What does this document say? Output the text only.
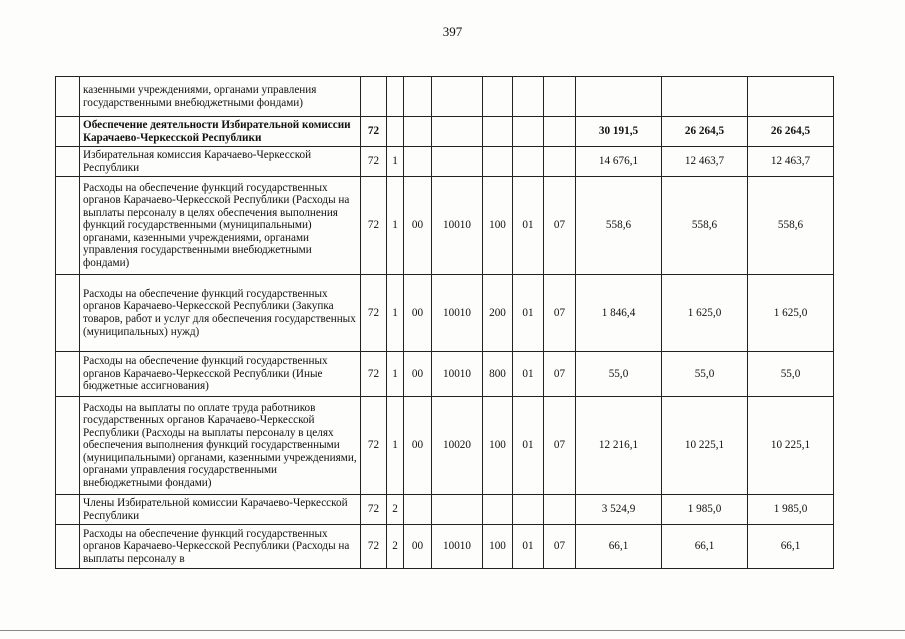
397
	казенными учреждениями, органами управления государственными внебюджетными фондами)										
	Обеспечение деятельности Избирательной комиссии Карачаево-Черкесской Республики	72							30 191,5	26 264,5	26 264,5
	Избирательная комиссия Карачаево-Черкесской Республики	72	1						14 676,1	12 463,7	12 463,7
	Расходы на обеспечение функций государственных органов Карачаево-Черкесской Республики (Расходы на выплаты персоналу в целях обеспечения выполнения функций государственными (муниципальными) органами, казенными учреждениями, органами управления государственными внебюджетными фондами)	72	1	00	10010	100	01	07	558,6	558,6	558,6
	Расходы на обеспечение функций государственных органов Карачаево-Черкесской Республики (Закупка товаров, работ и услуг для обеспечения государственных (муниципальных) нужд)	72	1	00	10010	200	01	07	1 846,4	1 625,0	1 625,0
	Расходы на обеспечение функций государственных органов Карачаево-Черкесской Республики (Иные бюджетные ассигнования)	72	1	00	10010	800	01	07	55,0	55,0	55,0
	Расходы на выплаты по оплате труда работников государственных органов Карачаево-Черкесской Республики (Расходы на выплаты персоналу в целях обеспечения выполнения функций государственными (муниципальными) органами, казенными учреждениями, органами управления государственными внебюджетными фондами)	72	1	00	10020	100	01	07	12 216,1	10 225,1	10 225,1
	Члены Избирательной комиссии Карачаево-Черкесской Республики	72	2						3 524,9	1 985,0	1 985,0
	Расходы на обеспечение функций государственных органов Карачаево-Черкесской Республики (Расходы на выплаты персоналу в	72	2	00	10010	100	01	07	66,1	66,1	66,1
